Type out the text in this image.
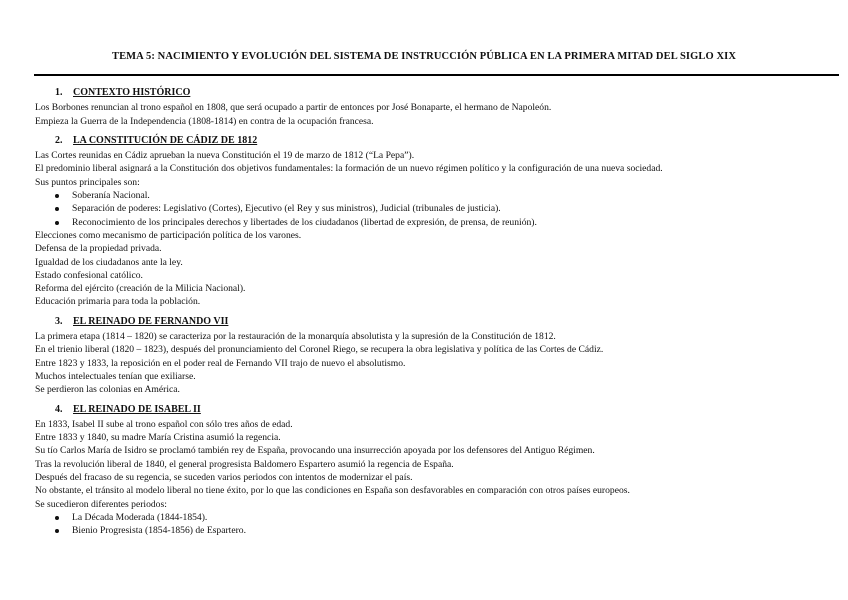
TEMA 5: NACIMIENTO Y EVOLUCIÓN DEL SISTEMA DE INSTRUCCIÓN PÚBLICA EN LA PRIMERA MITAD DEL SIGLO XIX
1. CONTEXTO HISTÓRICO
Los Borbones renuncian al trono español en 1808, que será ocupado a partir de entonces por José Bonaparte, el hermano de Napoleón.
Empieza la Guerra de la Independencia (1808-1814) en contra de la ocupación francesa.
2. LA CONSTITUCIÓN DE CÁDIZ DE 1812
Las Cortes reunidas en Cádiz aprueban la nueva Constitución el 19 de marzo de 1812 (“La Pepa”).
El predominio liberal asignará a la Constitución dos objetivos fundamentales: la formación de un nuevo régimen político y la configuración de una nueva sociedad.
Sus puntos principales son:
Soberanía Nacional.
Separación de poderes: Legislativo (Cortes), Ejecutivo (el Rey y sus ministros), Judicial (tribunales de justicia).
Reconocimiento de los principales derechos y libertades de los ciudadanos (libertad de expresión, de prensa, de reunión).
Elecciones como mecanismo de participación política de los varones.
Defensa de la propiedad privada.
Igualdad de los ciudadanos ante la ley.
Estado confesional católico.
Reforma del ejército (creación de la Milicia Nacional).
Educación primaria para toda la población.
3. EL REINADO DE FERNANDO VII
La primera etapa (1814 – 1820) se caracteriza por la restauración de la monarquía absolutista y la supresión de la Constitución de 1812.
En el trienio liberal (1820 – 1823), después del pronunciamiento del Coronel Riego, se recupera la obra legislativa y política de las Cortes de Cádiz.
Entre 1823 y 1833, la reposición en el poder real de Fernando VII trajo de nuevo el absolutismo.
Muchos intelectuales tenían que exiliarse.
Se perdieron las colonias en América.
4. EL REINADO DE ISABEL II
En 1833, Isabel II sube al trono español con sólo tres años de edad.
Entre 1833 y 1840, su madre María Cristina asumió la regencia.
Su tío Carlos María de Isidro se proclamó también rey de España, provocando una insurrección apoyada por los defensores del Antiguo Régimen.
Tras la revolución liberal de 1840, el general progresista Baldomero Espartero asumió la regencia de España.
Después del fracaso de su regencia, se suceden varios periodos con intentos de modernizar el país.
No obstante, el tránsito al modelo liberal no tiene éxito, por lo que las condiciones en España son desfavorables en comparación con otros países europeos.
Se sucedieron diferentes periodos:
La Década Moderada (1844-1854).
Bienio Progresista (1854-1856) de Espartero.
